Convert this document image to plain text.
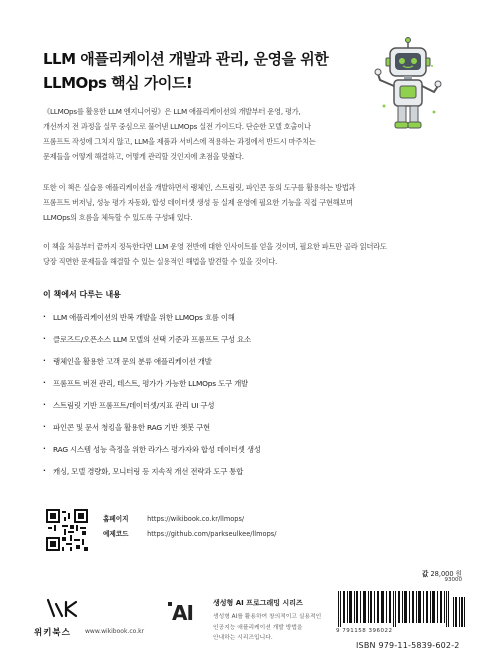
LLM 애플리케이션 개발과 관리, 운영을 위한
LLMOps 핵심 가이드!
《LLMOps를 활용한 LLM 엔지니어링》은 LLM 애플리케이션의 개발부터 운영, 평가,
개선까지 전 과정을 실무 중심으로 풀어낸 LLMOps 실전 가이드다. 단순한 모델 호출이나
프롬프트 작성에 그치지 않고, LLM을 제품과 서비스에 적용하는 과정에서 반드시 마주치는
문제들을 어떻게 해결하고, 어떻게 관리할 것인지에 초점을 맞췄다.
또한 이 책은 실습용 애플리케이션을 개발하면서 랭체인, 스트림릿, 파인콘 등의 도구를 활용하는 방법과
프롬프트 버저닝, 성능 평가 자동화, 합성 데이터셋 생성 등 실제 운영에 필요한 기능을 직접 구현해보며
LLMOps의 흐름을 체득할 수 있도록 구성돼 있다.
이 책을 처음부터 끝까지 정독한다면 LLM 운영 전반에 대한 인사이트를 얻을 것이며, 필요한 파트만 골라 읽더라도
당장 직면한 문제들을 해결할 수 있는 실용적인 해법을 발견할 수 있을 것이다.
이 책에서 다루는 내용
· LLM 애플리케이션의 반복 개발을 위한 LLMOps 흐름 이해
· 클로즈드/오픈소스 LLM 모델의 선택 기준과 프롬프트 구성 요소
· 랭체인을 활용한 고객 문의 분류 애플리케이션 개발
· 프롬프트 버전 관리, 테스트, 평가가 가능한 LLMOps 도구 개발
· 스트림릿 기반 프롬프트/데이터셋/지표 관리 UI 구성
· 파인콘 및 문서 청킹을 활용한 RAG 기반 챗봇 구현
· RAG 시스템 성능 측정을 위한 라가스 평가자와 합성 데이터셋 생성
· 캐싱, 모델 경량화, 모니터링 등 지속적 개선 전략과 도구 통합
홈페이지	https://wikibook.co.kr/llmops/
예제코드	https://github.com/parkseulkee/llmops/
값 28,000 원
위키북스 www.wikibook.co.kr
AI	생성형 AI 프로그래밍 시리즈
생성형 AI를 활용하여 창의적이고 실용적인
인공지능 애플리케이션 개발 방법을
안내하는 시리즈입니다.
93000
9 791158 396022
ISBN 979-11-5839-602-2
